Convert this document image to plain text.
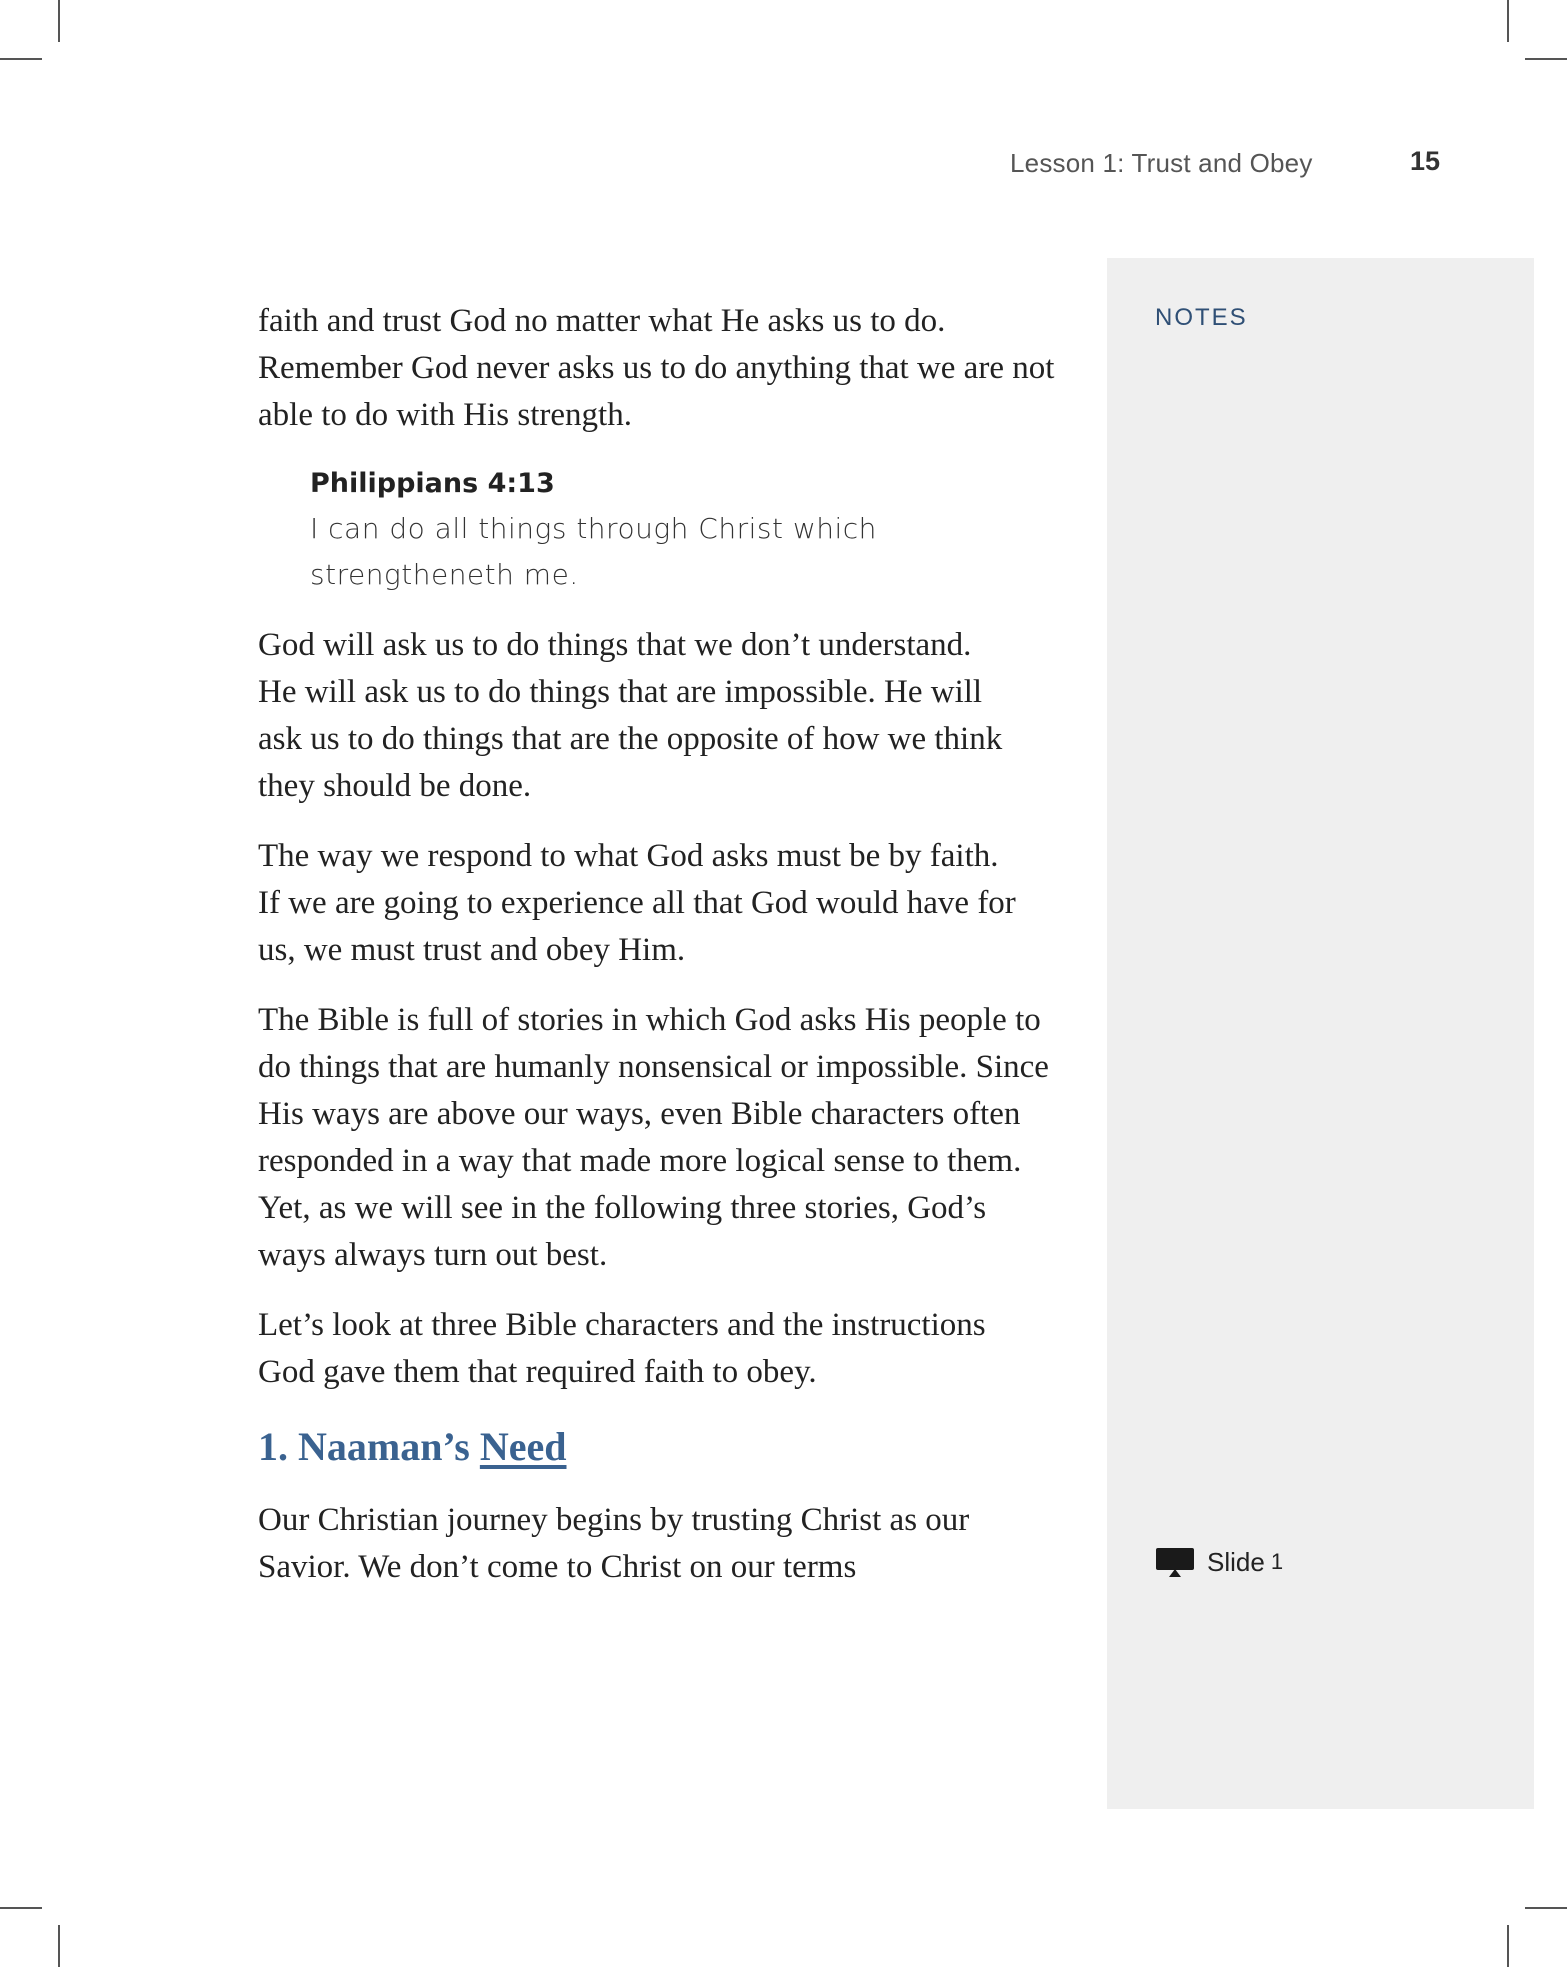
Lesson 1: Trust and Obey	15
NOTES
Slide 1

faith and trust God no matter what He asks us to do. Remember God never asks us to do anything that we are not able to do with His strength.

Philippians 4:13
I can do all things through Christ which strengtheneth me.

God will ask us to do things that we don’t understand. He will ask us to do things that are impossible. He will ask us to do things that are the opposite of how we think they should be done.

The way we respond to what God asks must be by faith. If we are going to experience all that God would have for us, we must trust and obey Him.

The Bible is full of stories in which God asks His people to do things that are humanly nonsensical or impossible. Since His ways are above our ways, even Bible characters often responded in a way that made more logical sense to them. Yet, as we will see in the following three stories, God’s ways always turn out best.

Let’s look at three Bible characters and the instructions God gave them that required faith to obey.

1. Naaman’s Need

Our Christian journey begins by trusting Christ as our Savior. We don’t come to Christ on our terms
